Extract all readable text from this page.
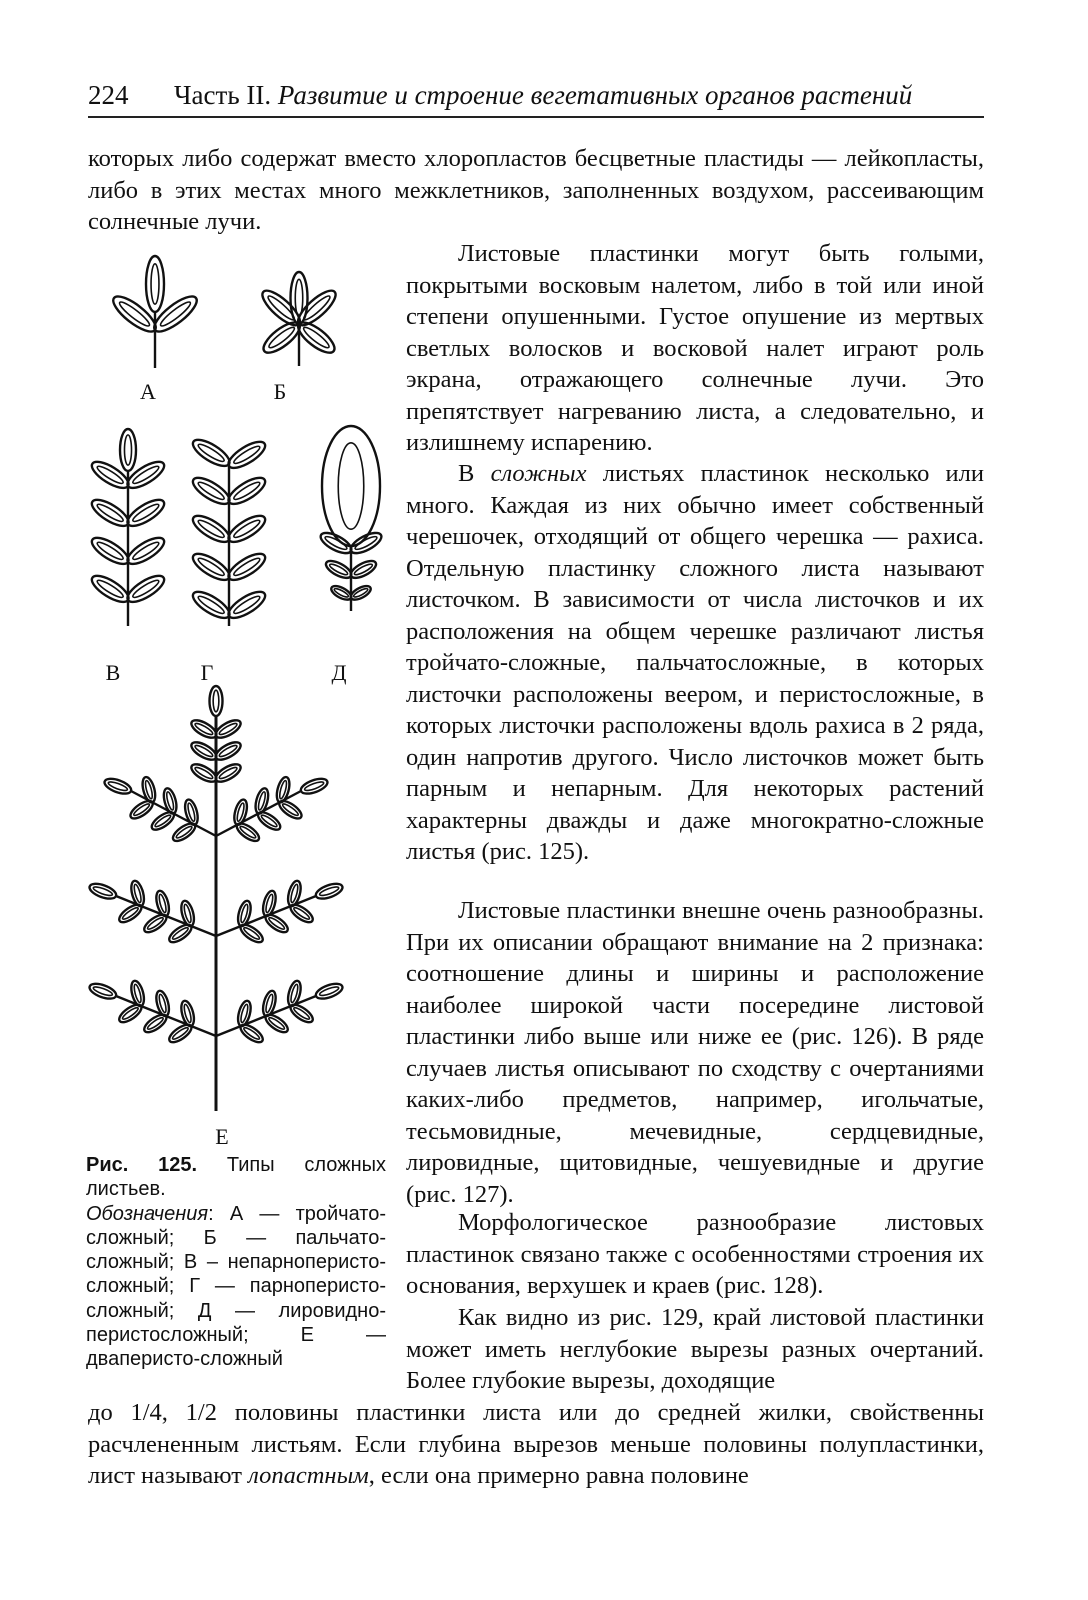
224 Часть II. Развитие и строение вегетативных органов растений

которых либо содержат вместо хлоропластов бесцветные пластиды — лейкопласты, либо в этих местах много межклетников, заполненных воздухом, рассеивающим солнечные лучи.

Листовые пластинки могут быть голыми, покрытыми восковым налетом, либо в той или иной степени опушенными. Густое опушение из мертвых светлых волосков и восковой налет играют роль экрана, отражающего солнечные лучи. Это препятствует нагреванию листа, а следовательно, и излишнему испарению.

В сложных листьях пластинок несколько или много. Каждая из них обычно имеет собственный черешочек, отходящий от общего черешка — рахиса. Отдельную пластинку сложного листа называют листочком. В зависимости от числа листочков и их расположения на общем черешке различают листья тройчато-сложные, пальчатосложные, в которых листочки расположены веером, и перистосложные, в которых листочки расположены вдоль рахиса в 2 ряда, один напротив другого. Число листочков может быть парным и непарным. Для некоторых растений характерны дважды и даже многократно-сложные листья (рис. 125).

Листовые пластинки внешне очень разнообразны. При их описании обращают внимание на 2 признака: соотношение длины и ширины и расположение наиболее широкой части посередине листовой пластинки либо выше или ниже ее (рис. 126). В ряде случаев листья описывают по сходству с очертаниями каких-либо предметов, например, игольчатые, тесьмовидные, мечевидные, сердцевидные, лировидные, щитовидные, чешуевидные и другие (рис. 127).

Морфологическое разнообразие листовых пластинок связано также с особенностями строения их основания, верхушек и краев (рис. 128).

Как видно из рис. 129, край листовой пластинки может иметь неглубокие вырезы разных очертаний. Более глубокие вырезы, доходящие

до 1/4, 1/2 половины пластинки листа или до средней жилки, свойственны расчлененным листьям. Если глубина вырезов меньше половины полупластинки, лист называют лопастным, если она примерно равна половине

А	Б
В	Г	Д
Е

Рис. 125. Типы сложных листьев.
Обозначения: А — тройчато-сложный; Б — пальчато-сложный; В – непарноперисто-сложный; Г — парноперисто-сложный; Д — лировидно-перистосложный; Е — дваперисто-сложный
